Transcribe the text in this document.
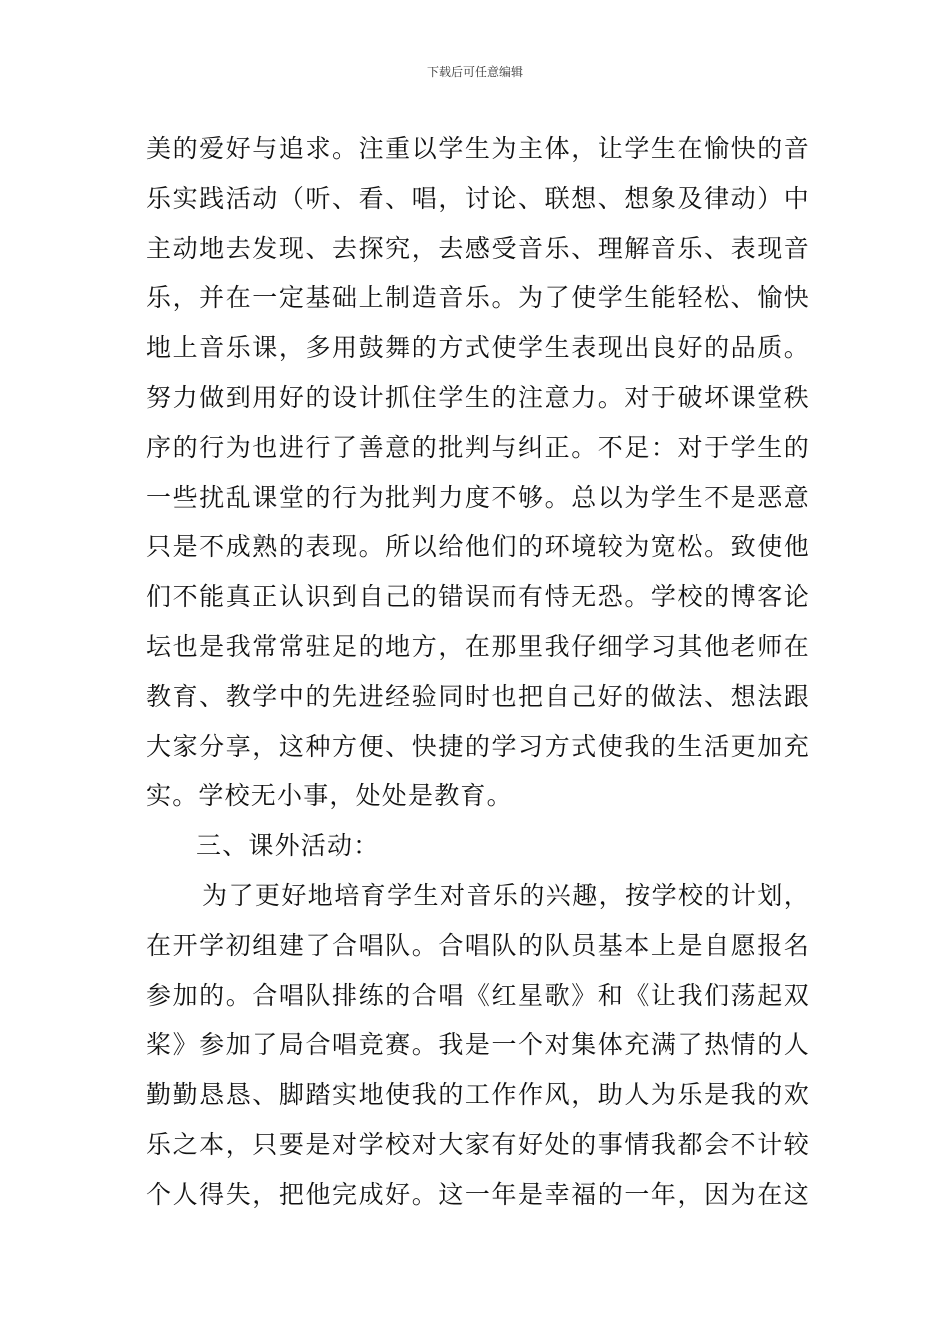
下载后可任意编辑
美的爱好与追求。注重以学生为主体，让学生在愉快的音
乐实践活动（听、看、唱，讨论、联想、想象及律动）中
主动地去发现、去探究，去感受音乐、理解音乐、表现音
乐，并在一定基础上制造音乐。为了使学生能轻松、愉快
地上音乐课，多用鼓舞的方式使学生表现出良好的品质。
努力做到用好的设计抓住学生的注意力。对于破坏课堂秩
序的行为也进行了善意的批判与纠正。不足：对于学生的
一些扰乱课堂的行为批判力度不够。总以为学生不是恶意
只是不成熟的表现。所以给他们的环境较为宽松。致使他
们不能真正认识到自己的错误而有恃无恐。学校的博客论
坛也是我常常驻足的地方，在那里我仔细学习其他老师在
教育、教学中的先进经验同时也把自己好的做法、想法跟
大家分享，这种方便、快捷的学习方式使我的生活更加充
实。学校无小事，处处是教育。
三、课外活动：
为了更好地培育学生对音乐的兴趣，按学校的计划，
在开学初组建了合唱队。合唱队的队员基本上是自愿报名
参加的。合唱队排练的合唱《红星歌》和《让我们荡起双
桨》参加了局合唱竞赛。我是一个对集体充满了热情的人
勤勤恳恳、脚踏实地使我的工作作风，助人为乐是我的欢
乐之本，只要是对学校对大家有好处的事情我都会不计较
个人得失，把他完成好。这一年是幸福的一年，因为在这
